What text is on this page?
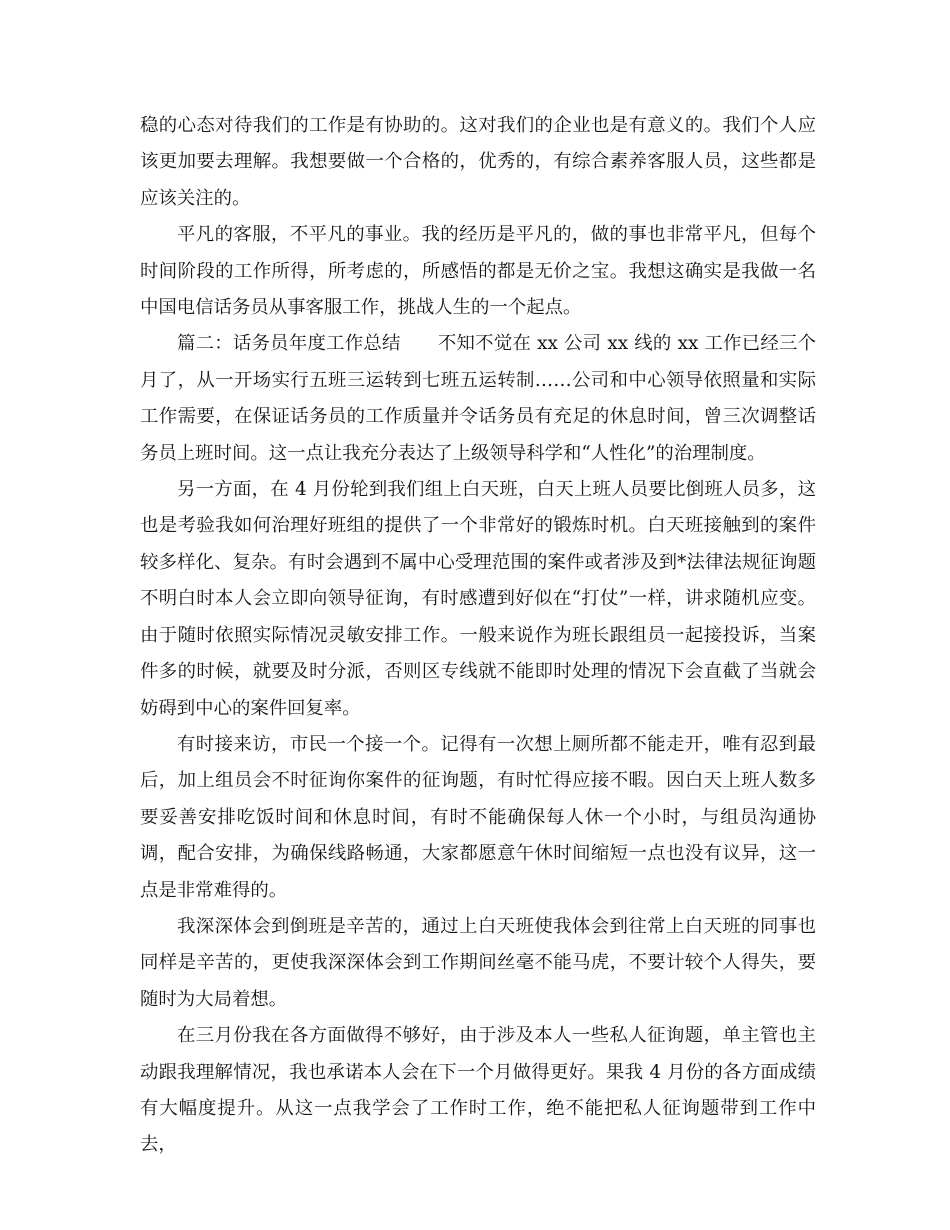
稳的心态对待我们的工作是有协助的。这对我们的企业也是有意义的。我们个人应该更加要去理解。我想要做一个合格的，优秀的，有综合素养客服人员，这些都是应该关注的。

平凡的客服，不平凡的事业。我的经历是平凡的，做的事也非常平凡，但每个时间阶段的工作所得，所考虑的，所感悟的都是无价之宝。我想这确实是我做一名中国电信话务员从事客服工作，挑战人生的一个起点。

篇二：话务员年度工作总结　　不知不觉在 xx 公司 xx 线的 xx 工作已经三个月了，从一开场实行五班三运转到七班五运转制……公司和中心领导依照量和实际工作需要，在保证话务员的工作质量并令话务员有充足的休息时间，曾三次调整话务员上班时间。这一点让我充分表达了上级领导科学和“人性化”的治理制度。

另一方面，在 4 月份轮到我们组上白天班，白天上班人员要比倒班人员多，这也是考验我如何治理好班组的提供了一个非常好的锻炼时机。白天班接触到的案件较多样化、复杂。有时会遇到不属中心受理范围的案件或者涉及到*法律法规征询题不明白时本人会立即向领导征询，有时感遭到好似在“打仗”一样，讲求随机应变。由于随时依照实际情况灵敏安排工作。一般来说作为班长跟组员一起接投诉，当案件多的时候，就要及时分派，否则区专线就不能即时处理的情况下会直截了当就会妨碍到中心的案件回复率。

有时接来访，市民一个接一个。记得有一次想上厕所都不能走开，唯有忍到最后，加上组员会不时征询你案件的征询题，有时忙得应接不暇。因白天上班人数多要妥善安排吃饭时间和休息时间，有时不能确保每人休一个小时，与组员沟通协调，配合安排，为确保线路畅通，大家都愿意午休时间缩短一点也没有议异，这一点是非常难得的。

我深深体会到倒班是辛苦的，通过上白天班使我体会到往常上白天班的同事也同样是辛苦的，更使我深深体会到工作期间丝毫不能马虎，不要计较个人得失，要随时为大局着想。

在三月份我在各方面做得不够好，由于涉及本人一些私人征询题，单主管也主动跟我理解情况，我也承诺本人会在下一个月做得更好。果我 4 月份的各方面成绩有大幅度提升。从这一点我学会了工作时工作，绝不能把私人征询题带到工作中去，
